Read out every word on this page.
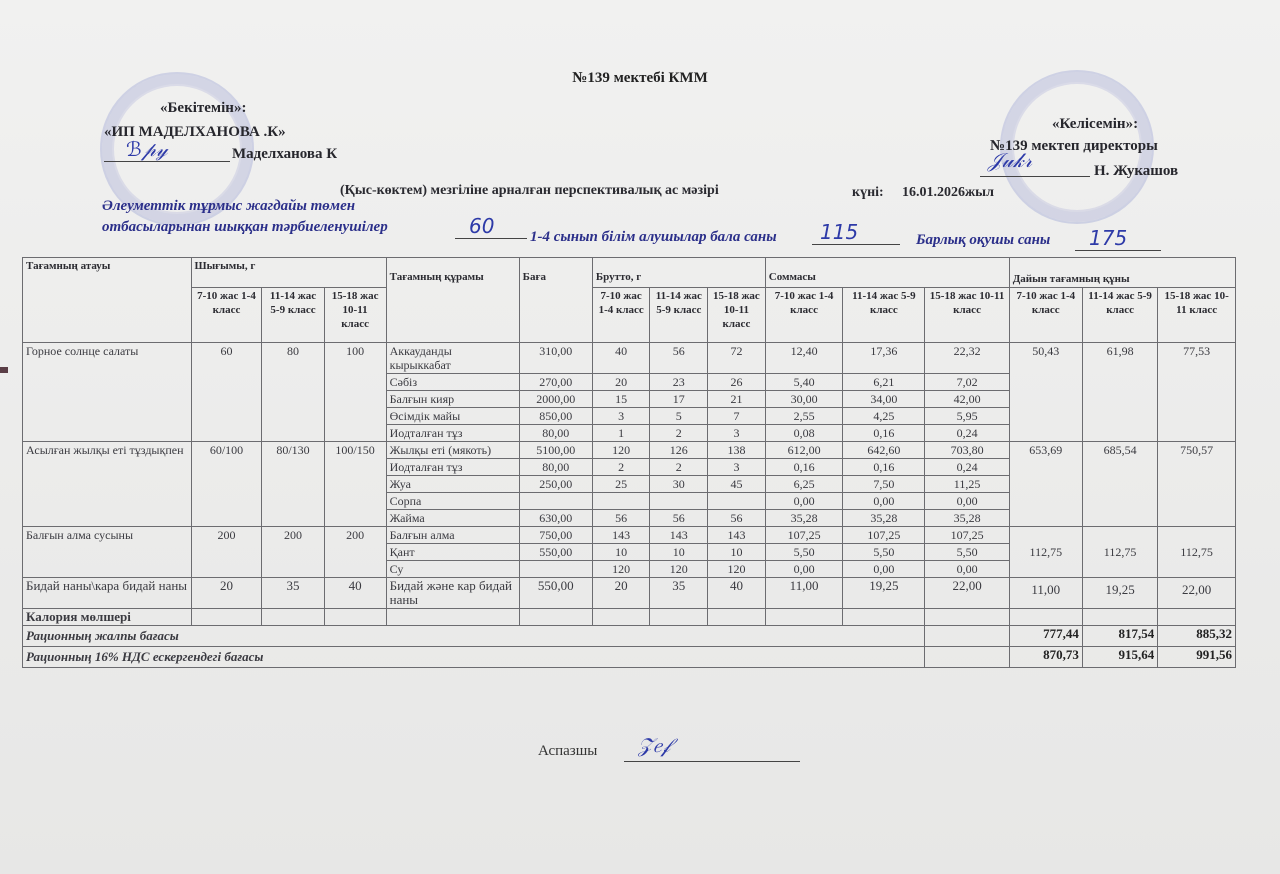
№139 мектебі КММ
«Бекітемін»:
«ИП МАДЕЛХАНОВА .К»
ℬ𝓅𝓎	Маделханова К
«Келісемін»:
№139 мектеп директоры
𝒥𝓊𝓀𝓇	Н. Жукашов
(Қыс-көктем) мезгіліне арналған перспективалық ас мәзірі	күні: 16.01.2026жыл
Әлеуметтік тұрмыс жагдайы төмен
отбасыларынан шыққан тәрбиеленушілер	60 1-4 сынып білім алушылар бала саны 115	Барлық оқушы саны 175
Тағамның атауы	Шығымы, г			Тағамның құрамы	Баға	Брутто, г			Соммасы			Дайын тағамның құны		
	7-10 жас 1-4 класс	11-14 жас 5-9 класс	15-18 жас 10-11 класс			7-10 жас 1-4 класс	11-14 жас 5-9 класс	15-18 жас 10-11 класс	7-10 жас 1-4 класс	11-14 жас 5-9 класс	15-18 жас 10-11 класс	7-10 жас 1-4 класс	11-14 жас 5-9 класс	15-18 жас 10-11 класс
Горное солнце салаты	60	80	100	Аккауданды кырыккабат	310,00	40	56	72	12,40	17,36	22,32	50,43	61,98	77,53
				Сәбіз	270,00	20	23	26	5,40	6,21	7,02			
				Балғын кияр	2000,00	15	17	21	30,00	34,00	42,00			
				Өсімдік майы	850,00	3	5	7	2,55	4,25	5,95			
				Иодталған тұз	80,00	1	2	3	0,08	0,16	0,24			
Асылған жылқы еті тұздықпен	60/100	80/130	100/150	Жылқы еті (мякоть)	5100,00	120	126	138	612,00	642,60	703,80	653,69	685,54	750,57
				Иодталған тұз	80,00	2	2	3	0,16	0,16	0,24			
				Жуа	250,00	25	30	45	6,25	7,50	11,25			
				Сорпа					0,00	0,00	0,00			
				Жайма	630,00	56	56	56	35,28	35,28	35,28			
Балғын алма сусыны	200	200	200	Балғын алма	750,00	143	143	143	107,25	107,25	107,25	112,75	112,75	112,75
				Қант	550,00	10	10	10	5,50	5,50	5,50			
				Су		120	120	120	0,00	0,00	0,00			
Бидай наны\кара бидай наны	20	35	40	Бидай және кар бидай наны	550,00	20	35	40	11,00	19,25	22,00	11,00	19,25	22,00
Калория мөлшері														
Рационның жалпы бағасы												777,44	817,54	885,32
Рационның 16% НДС ескергендегі бағасы												870,73	915,64	991,56
Аспазшы 𝒵𝑒𝒻
